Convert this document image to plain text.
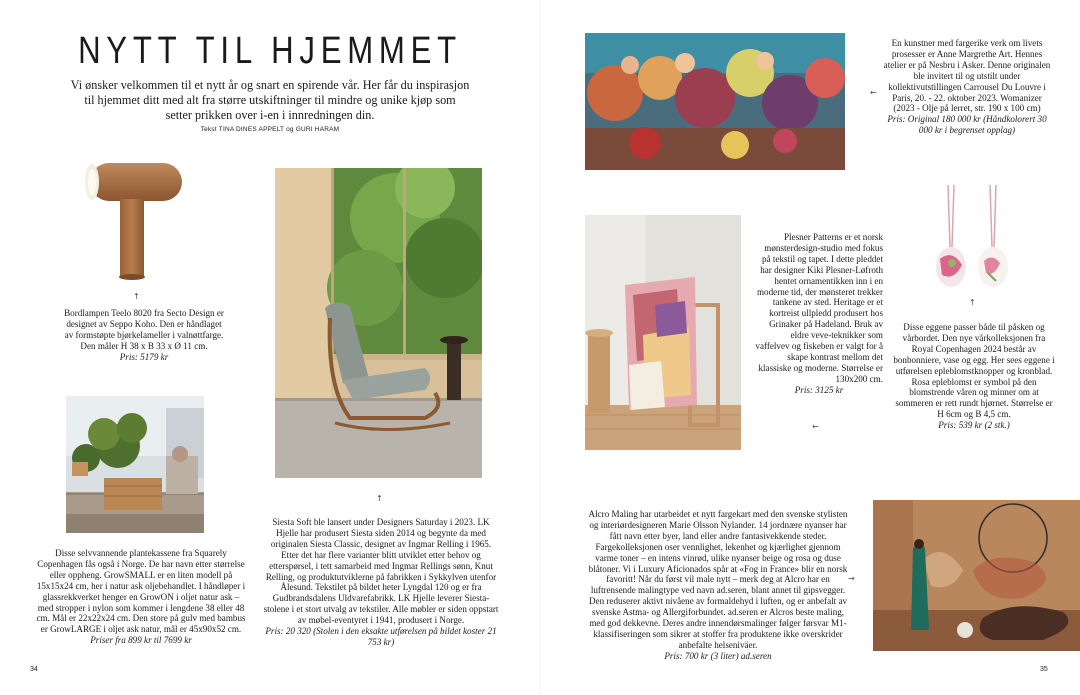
NYTT TIL HJEMMET
Vi ønsker velkommen til et nytt år og snart en spirende vår. Her får du inspirasjon til hjemmet ditt med alt fra større utskiftninger til mindre og unike kjøp som setter prikken over i-en i innredningen din.
Tekst TINA DINES APPELT og GURI HARAM
↑
Bordlampen Teelo 8020 fra Secto Design er designet av Seppo Koho. Den er håndlaget av formstøpte bjørkelameller i valnøttfarge. Den måler H 38 x B 33 x Ø 11 cm.
Pris: 5179 kr
Disse selvvannende plantekassene fra Squarely Copenhagen fås også i Norge. De har navn etter størrelse eller oppheng. GrowSMALL er en liten modell på 15x15x24 cm, her i natur ask oljebehandlet. I håndløper i glassrekkverket henger en GrowON i oljet natur ask – med stropper i nylon som kommer i lengdene 38 eller 48 cm. Mål er 22x22x24 cm. Den store på gulv med bambus er GrowLARGE i oljet ask natur, mål er 45x90x52 cm.
Priser fra 899 kr til 7699 kr
↑
Siesta Soft ble lansert under Designers Saturday i 2023. LK Hjelle har produsert Siesta siden 2014 og begynte da med originalen Siesta Classic, designet av Ingmar Relling i 1965. Etter det har flere varianter blitt utviklet etter behov og etterspørsel, i tett samarbeid med Ingmar Rellings sønn, Knut Relling, og produktutviklerne på fabrikken i Sykkylven utenfor Ålesund. Tekstilet på bildet heter Lyngdal 120 og er fra Gudbrandsdalens Uldvarefabrikk. LK Hjelle leverer Siesta-stolene i et stort utvalg av tekstiler. Alle møbler er siden oppstart av møbel-eventyret i 1941, produsert i Norge.
Pris: 20 320 (Stolen i den eksakte utførelsen på bildet koster 21 753 kr)
34
←
En kunstner med fargerike verk om livets prosesser er Anne Margrethe Art. Hennes atelier er på Nesbru i Asker. Denne originalen ble invitert til og utstilt under kollektivutstillingen Carrousel Du Louvre i Paris, 20. - 22. oktober 2023. Womanizer (2023 - Olje på lerret, str. 190 x 100 cm)
Pris: Original 180 000 kr (Håndkolorert 30 000 kr i begrenset opplag)
←
Plesner Patterns er et norsk mønsterdesign-studio med fokus på tekstil og tapet. I dette pleddet har designer Kiki Plesner-Løfroth hentet ornamentikken inn i en moderne tid, der mønsteret trekker tankene av sted. Heritage er et kortreist ullpledd produsert hos Grinaker på Hadeland. Bruk av eldre veve-teknikker som vaffelvev og fiskeben er valgt for å skape kontrast mellom det klassiske og moderne. Størrelse er 130x200 cm.

Pris: 3125 kr
↑
Disse eggene passer både til påsken og vårbordet. Den nye vårkolleksjonen fra Royal Copenhagen 2024 består av bonbonniere, vase og egg. Her sees eggene i utførelsen epleblomstknopper og kronblad. Rosa epleblomst er symbol på den blomstrende våren og minner om at sommeren er rett rundt hjørnet. Størrelse er H 6cm og B 4,5 cm.
Pris: 539 kr (2 stk.)
Alcro Maling har utarbeidet et nytt fargekart med den svenske stylisten og interiørdesigneren Marie Olsson Nylander. 14 jordnære nyanser har fått navn etter byer, land eller andre fantasivekkende steder. Fargekolleksjonen oser vennlighet, lekenhet og kjærlighet gjennom varme toner – en intens vinrød, ulike nyanser beige og rosa og duse blåtoner. Vi i Luxury Aficionados spår at «Fog in France» blir en norsk favoritt! Når du først vil male nytt – merk deg at Alcro har en luftrensende malingtype ved navn ad.seren, blant annet til gipsvegger. Den reduserer aktivt nivåene av formaldehyd i luften, og er anbefalt av svenske Astma- og Allergiforbundet. ad.seren er Alcros beste maling, med god dekkevne. Deres andre innendørsmalinger følger førsvar M1-klassifiseringen som sikrer at stoffer fra produktene ikke overskrider anbefalte helseniväer.
Pris: 700 kr (3 liter) ad.seren
→
35
